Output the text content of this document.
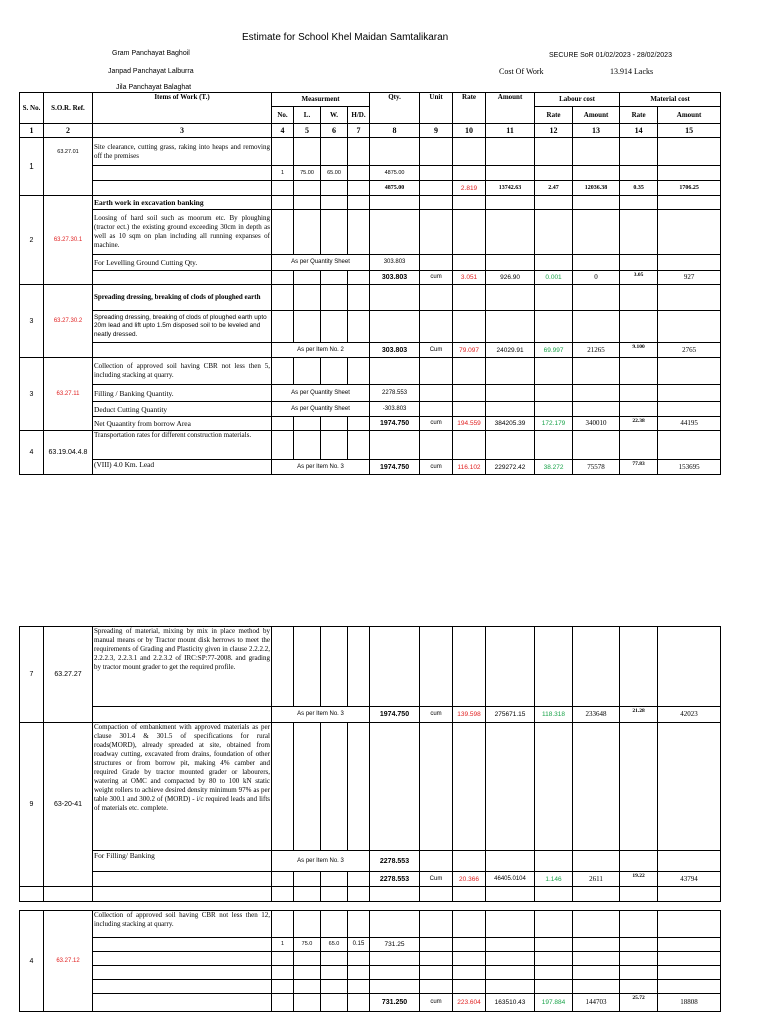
Estimate for School Khel Maidan Samtalikaran
Gram Panchayat Baghoil
Janpad Panchayat Lalburra
Jila Panchayat Balaghat
SECURE SoR 01/02/2023 - 28/02/2023
Cost Of Work	13.914 Lacks
S. No.	S.O.R. Ref.	Items of Work (T.)	Measurment				Qty.	Unit	Rate	Amount	Labour cost		Material cost	
			No.	L.	W.	H/D.					Rate	Amount	Rate	Amount
1	2	3	4	5	6	7	8	9	10	11	12	13	14	15
1	63.27.01	Site clearance, cutting grass, raking into heaps and removing off the premises												
			1	75.00	65.00		4875.00							
							4875.00		2.819	13742.63	2.47	12036.38	0.35	1706.25
2	63.27.30.1	Earth work in excavation banking												
		Loosing of hard soil such as moorum etc. By ploughing (tractor ect.) the existing ground exceeding 30cm in depth as well as 10 sqm on plan including all running expanses of machine.												
		For Levelling Ground Cutting Qty.	As per Quantity Sheet				303.803							
							303.803	cum	3.051	926.90	0.001	0	3.05	927
3	63.27.30.2	Spreading dressing, breaking of clods of ploughed earth												
		Spreading dressing, breaking of clods of ploughed earth upto 20m lead and lift upto 1.5m disposed soil to be leveled and neatly dressed.												
			As per Item No. 2				303.803	Cum	79.097	24029.91	69.997	21265	9.100	2765
3	63.27.11	Collection of approved soil having CBR not less then 5, including stacking at quarry.												
		Filling / Banking Quantity.	As per Quantity Sheet				2278.553							
		Deduct Cutting Quantity	As per Quantity Sheet				-303.803							
		Net Quaantity from borrow Area					1974.750	cum	194.559	384205.39	172.179	340010	22.38	44195
4	63.19.04.4.8	Transportation rates for different construction materials.												
		(VIII) 4.0 Km. Lead	As per Item No. 3				1974.750	cum	116.102	229272.42	38.272	75578	77.83	153695
7	63.27.27	Spreading of material, mixing by mix in place method by manual means or by Tractor mount disk herrows to meet the requirements of Grading and Plasticity given in clause 2.2.2.2, 2.2.2.3, 2.2.3.1 and 2.2.3.2 of IRC:SP:77-2008. and grading by tractor mount grader to get the required profile.												
			As per Item No. 3				1974.750	cum	139.598	275671.15	118.318	233648	21.28	42023
9	63-20-41	Compaction of embankment with approved materials as per clause 301.4 & 301.5 of specifications for rural roads(MORD), already spreaded at site, obtained from roadway cutting, excavated from drains, foundation of other structures or from borrow pit, making 4% camber and required Grade by tractor mounted grader or labourers, watering at OMC and compacted by 80 to 100 kN static weight rollers to achieve desired density minimum 97% as per table 300.1 and 300.2 of (MORD) - i/c required leads and lifts of materials etc. complete.												
		For Filling/ Banking	As per Item No. 3				2278.553							
							2278.553	Cum	20.366	46405.0104	1.146	2611	19.22	43794

4	63.27.12	Collection of approved soil having CBR not less then 12, including stacking at quarry.												
			1	75.0	65.0	0.15	731.25							

							731.250	cum	223.604	163510.43	197.884	144703	25.72	18808
